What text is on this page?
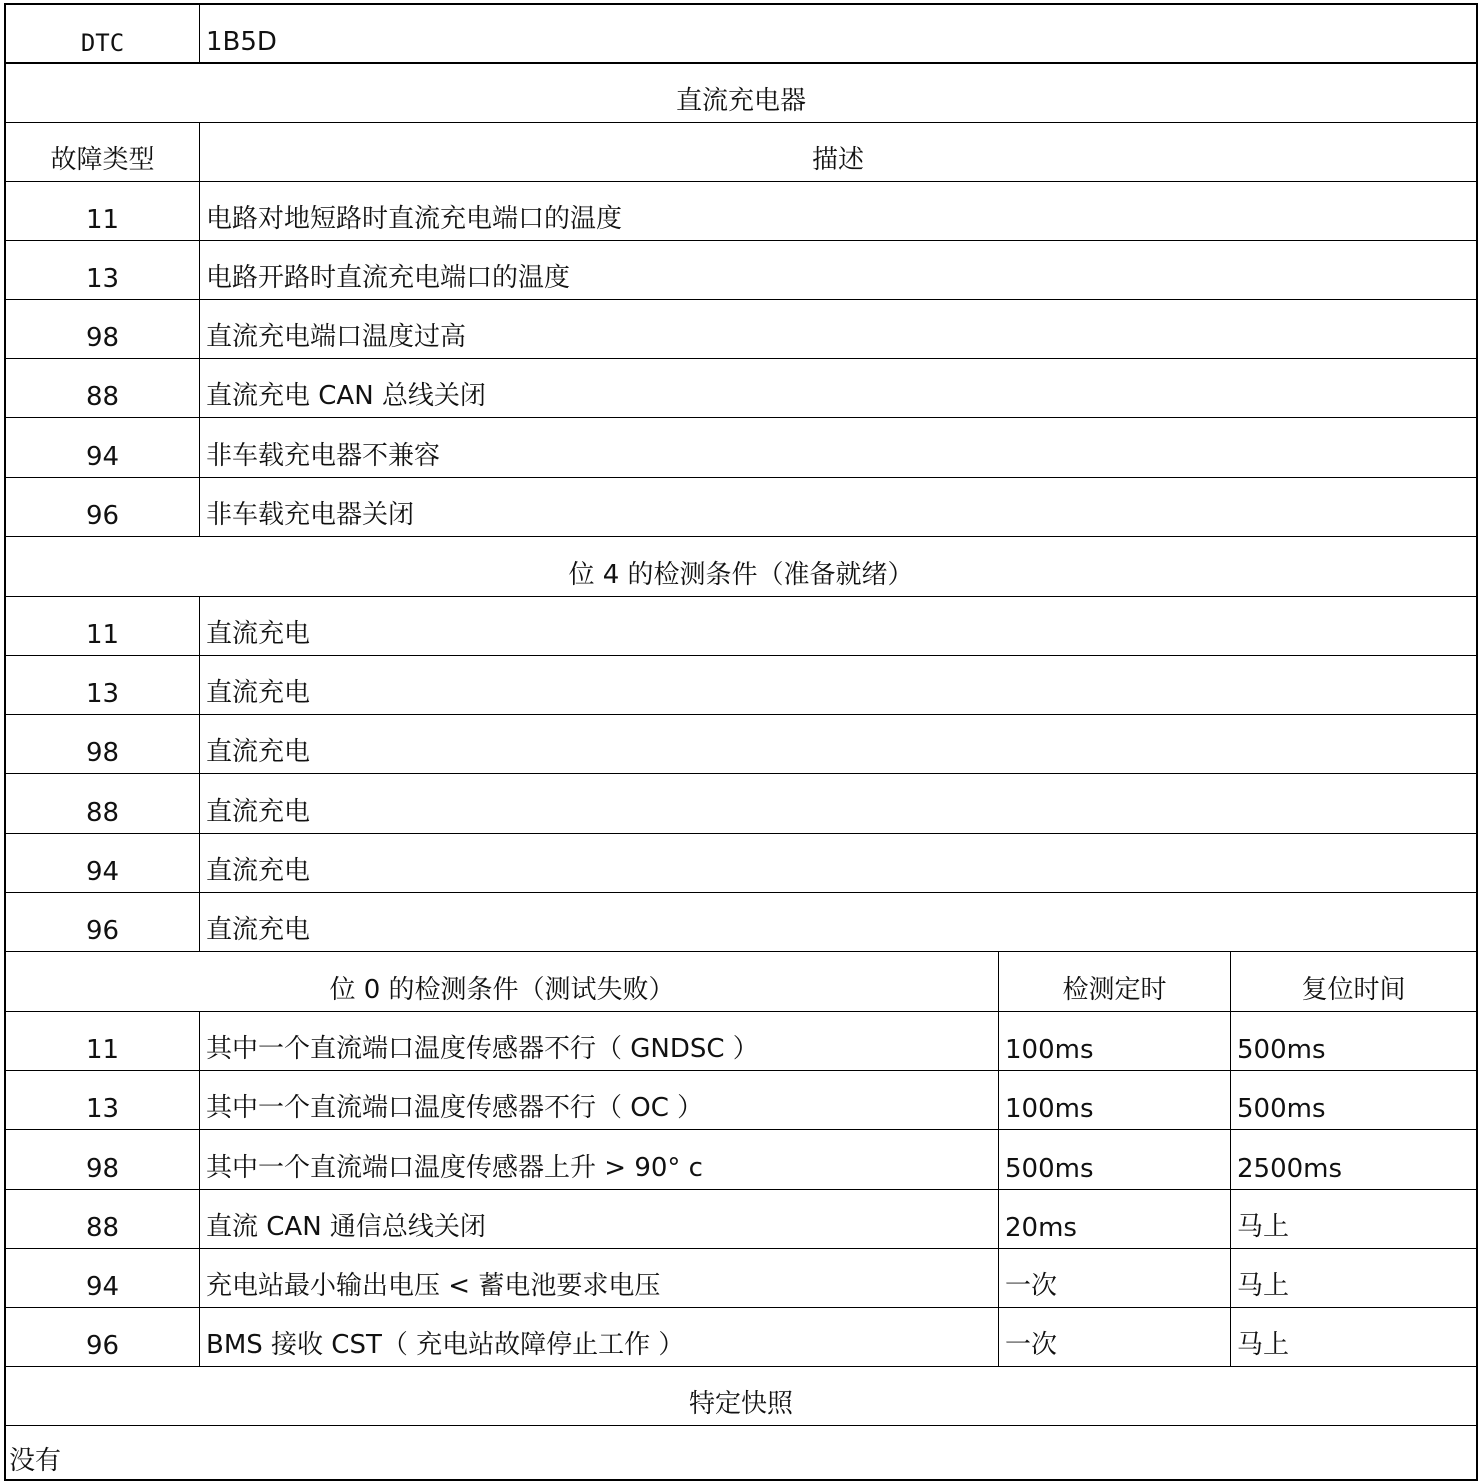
DTC	1B5D
直流充电器
故障类型	描述
11	电路对地短路时直流充电端口的温度
13	电路开路时直流充电端口的温度
98	直流充电端口温度过高
88	直流充电 CAN 总线关闭
94	非车载充电器不兼容
96	非车载充电器关闭
位 4 的检测条件（准备就绪）
11	直流充电
13	直流充电
98	直流充电
88	直流充电
94	直流充电
96	直流充电
位 0 的检测条件（测试失败）	检测定时	复位时间
11	其中一个直流端口温度传感器不行（ GNDSC ）	100ms	500ms
13	其中一个直流端口温度传感器不行（ OC ）	100ms	500ms
98	其中一个直流端口温度传感器上升 > 90° c	500ms	2500ms
88	直流 CAN 通信总线关闭	20ms	马上
94	充电站最小输出电压 < 蓄电池要求电压	一次	马上
96	BMS 接收 CST（ 充电站故障停止工作 ）	一次	马上
特定快照
没有
